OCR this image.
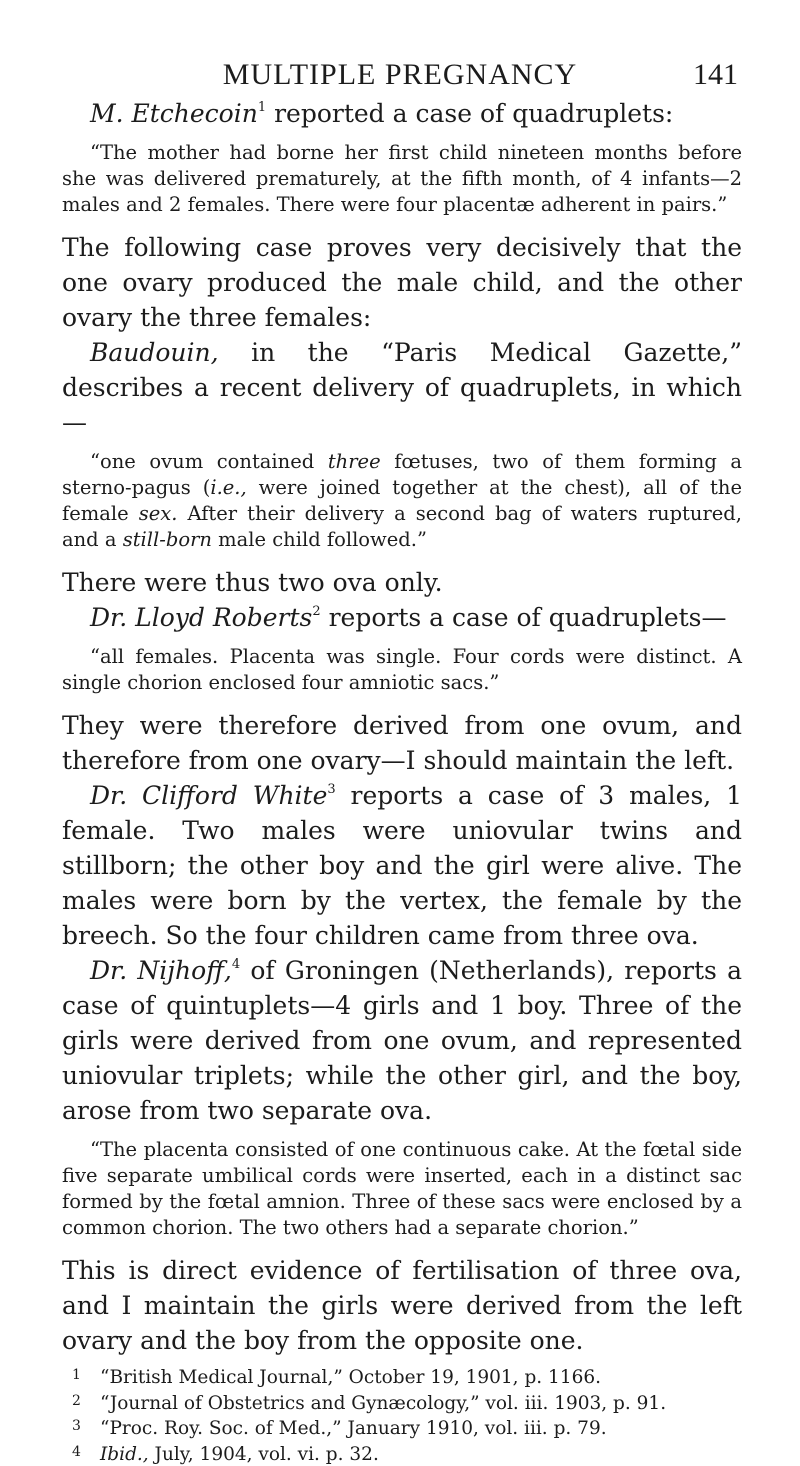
MULTIPLE PREGNANCY	141

M. Etchecoin$^1$ reported a case of quadruplets:

“The mother had borne her first child nineteen months before she was delivered prematurely, at the fifth month, of 4 infants—2 males and 2 females. There were four placentæ adherent in pairs.”

The following case proves very decisively that the one ovary produced the male child, and the other ovary the three females:

Baudouin, in the “Paris Medical Gazette,” describes a recent delivery of quadruplets, in which—

“one ovum contained three fœtuses, two of them forming a sterno-pagus (i.e., were joined together at the chest), all of the female sex. After their delivery a second bag of waters ruptured, and a still-born male child followed.”

There were thus two ova only.

Dr. Lloyd Roberts$^2$ reports a case of quadruplets—

“all females. Placenta was single. Four cords were distinct. A single chorion enclosed four amniotic sacs.”

They were therefore derived from one ovum, and therefore from one ovary—I should maintain the left.

Dr. Clifford White$^3$ reports a case of 3 males, 1 female. Two males were uniovular twins and stillborn; the other boy and the girl were alive. The males were born by the vertex, the female by the breech. So the four children came from three ova.

Dr. Nijhoff,$^4$ of Groningen (Netherlands), reports a case of quintuplets—4 girls and 1 boy. Three of the girls were derived from one ovum, and represented uniovular triplets; while the other girl, and the boy, arose from two separate ova.

“The placenta consisted of one continuous cake. At the fœtal side five separate umbilical cords were inserted, each in a distinct sac formed by the fœtal amnion. Three of these sacs were enclosed by a common chorion. The two others had a separate chorion.”

This is direct evidence of fertilisation of three ova, and I maintain the girls were derived from the left ovary and the boy from the opposite one.

1 “British Medical Journal,” October 19, 1901, p. 1166.

2 “Journal of Obstetrics and Gynæcology,” vol. iii. 1903, p. 91.

3 “Proc. Roy. Soc. of Med.,” January 1910, vol. iii. p. 79.

4 Ibid., July, 1904, vol. vi. p. 32.
